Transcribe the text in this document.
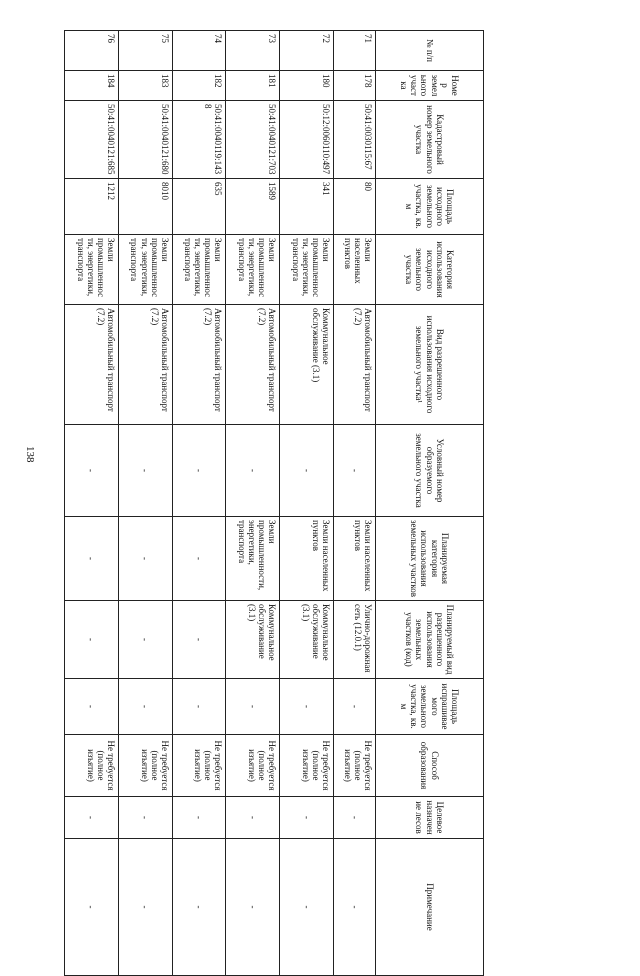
138
№ п/п	Номер земельного участка	Кадастровый номер земельного участка	Площадь исходного земельного участка, кв. м	Категория использования исходного земельного участка	Вид разрешенного использования исходного земельного участка¹	Условный номер образуемого земельного участка	Планируемая категория использования земельных участков	Планируемый вид разрешенного использования земельных участков (код)	Площадь испрашиваемого земельного участка, кв. м	Способ образования	Целевое назначение лесов	Примечание
71	178	50:41:0030115:67	80	Земли населенных пунктов	Автомобильный транспорт (7.2)	-	Земли населенных пунктов	Улично-дорожная сеть (12.0.1)	-	Не требуется (полное изъятие)	-	-
72	180	50:12:0060110:497	341	Земли промышленности, энергетики, транспорта	Коммунальное обслуживание (3.1)	-	Земли населенных пунктов	Коммунальное обслуживание (3.1)	-	Не требуется (полное изъятие)	-	-
73	181	50:41:0040121:703	1589	Земли промышленности, энергетики, транспорта	Автомобильный транспорт (7.2)	-	Земли промышленности, энергетики, транспорта	Коммунальное обслуживание (3.1)	-	Не требуется (полное изъятие)	-	-
74	182	50:41:0040119:1438	635	Земли промышленности, энергетики, транспорта	Автомобильный транспорт (7.2)	-	-	-	-	Не требуется (полное изъятие)	-	-
75	183	50:41:0040121:680	8010	Земли промышленности, энергетики, транспорта	Автомобильный транспорт (7.2)	-	-	-	-	Не требуется (полное изъятие)	-	-
76	184	50:41:0040121:685	1212	Земли промышленности, энергетики, транспорта	Автомобильный транспорт (7.2)	-	-	-	-	Не требуется (полное изъятие)	-	-
